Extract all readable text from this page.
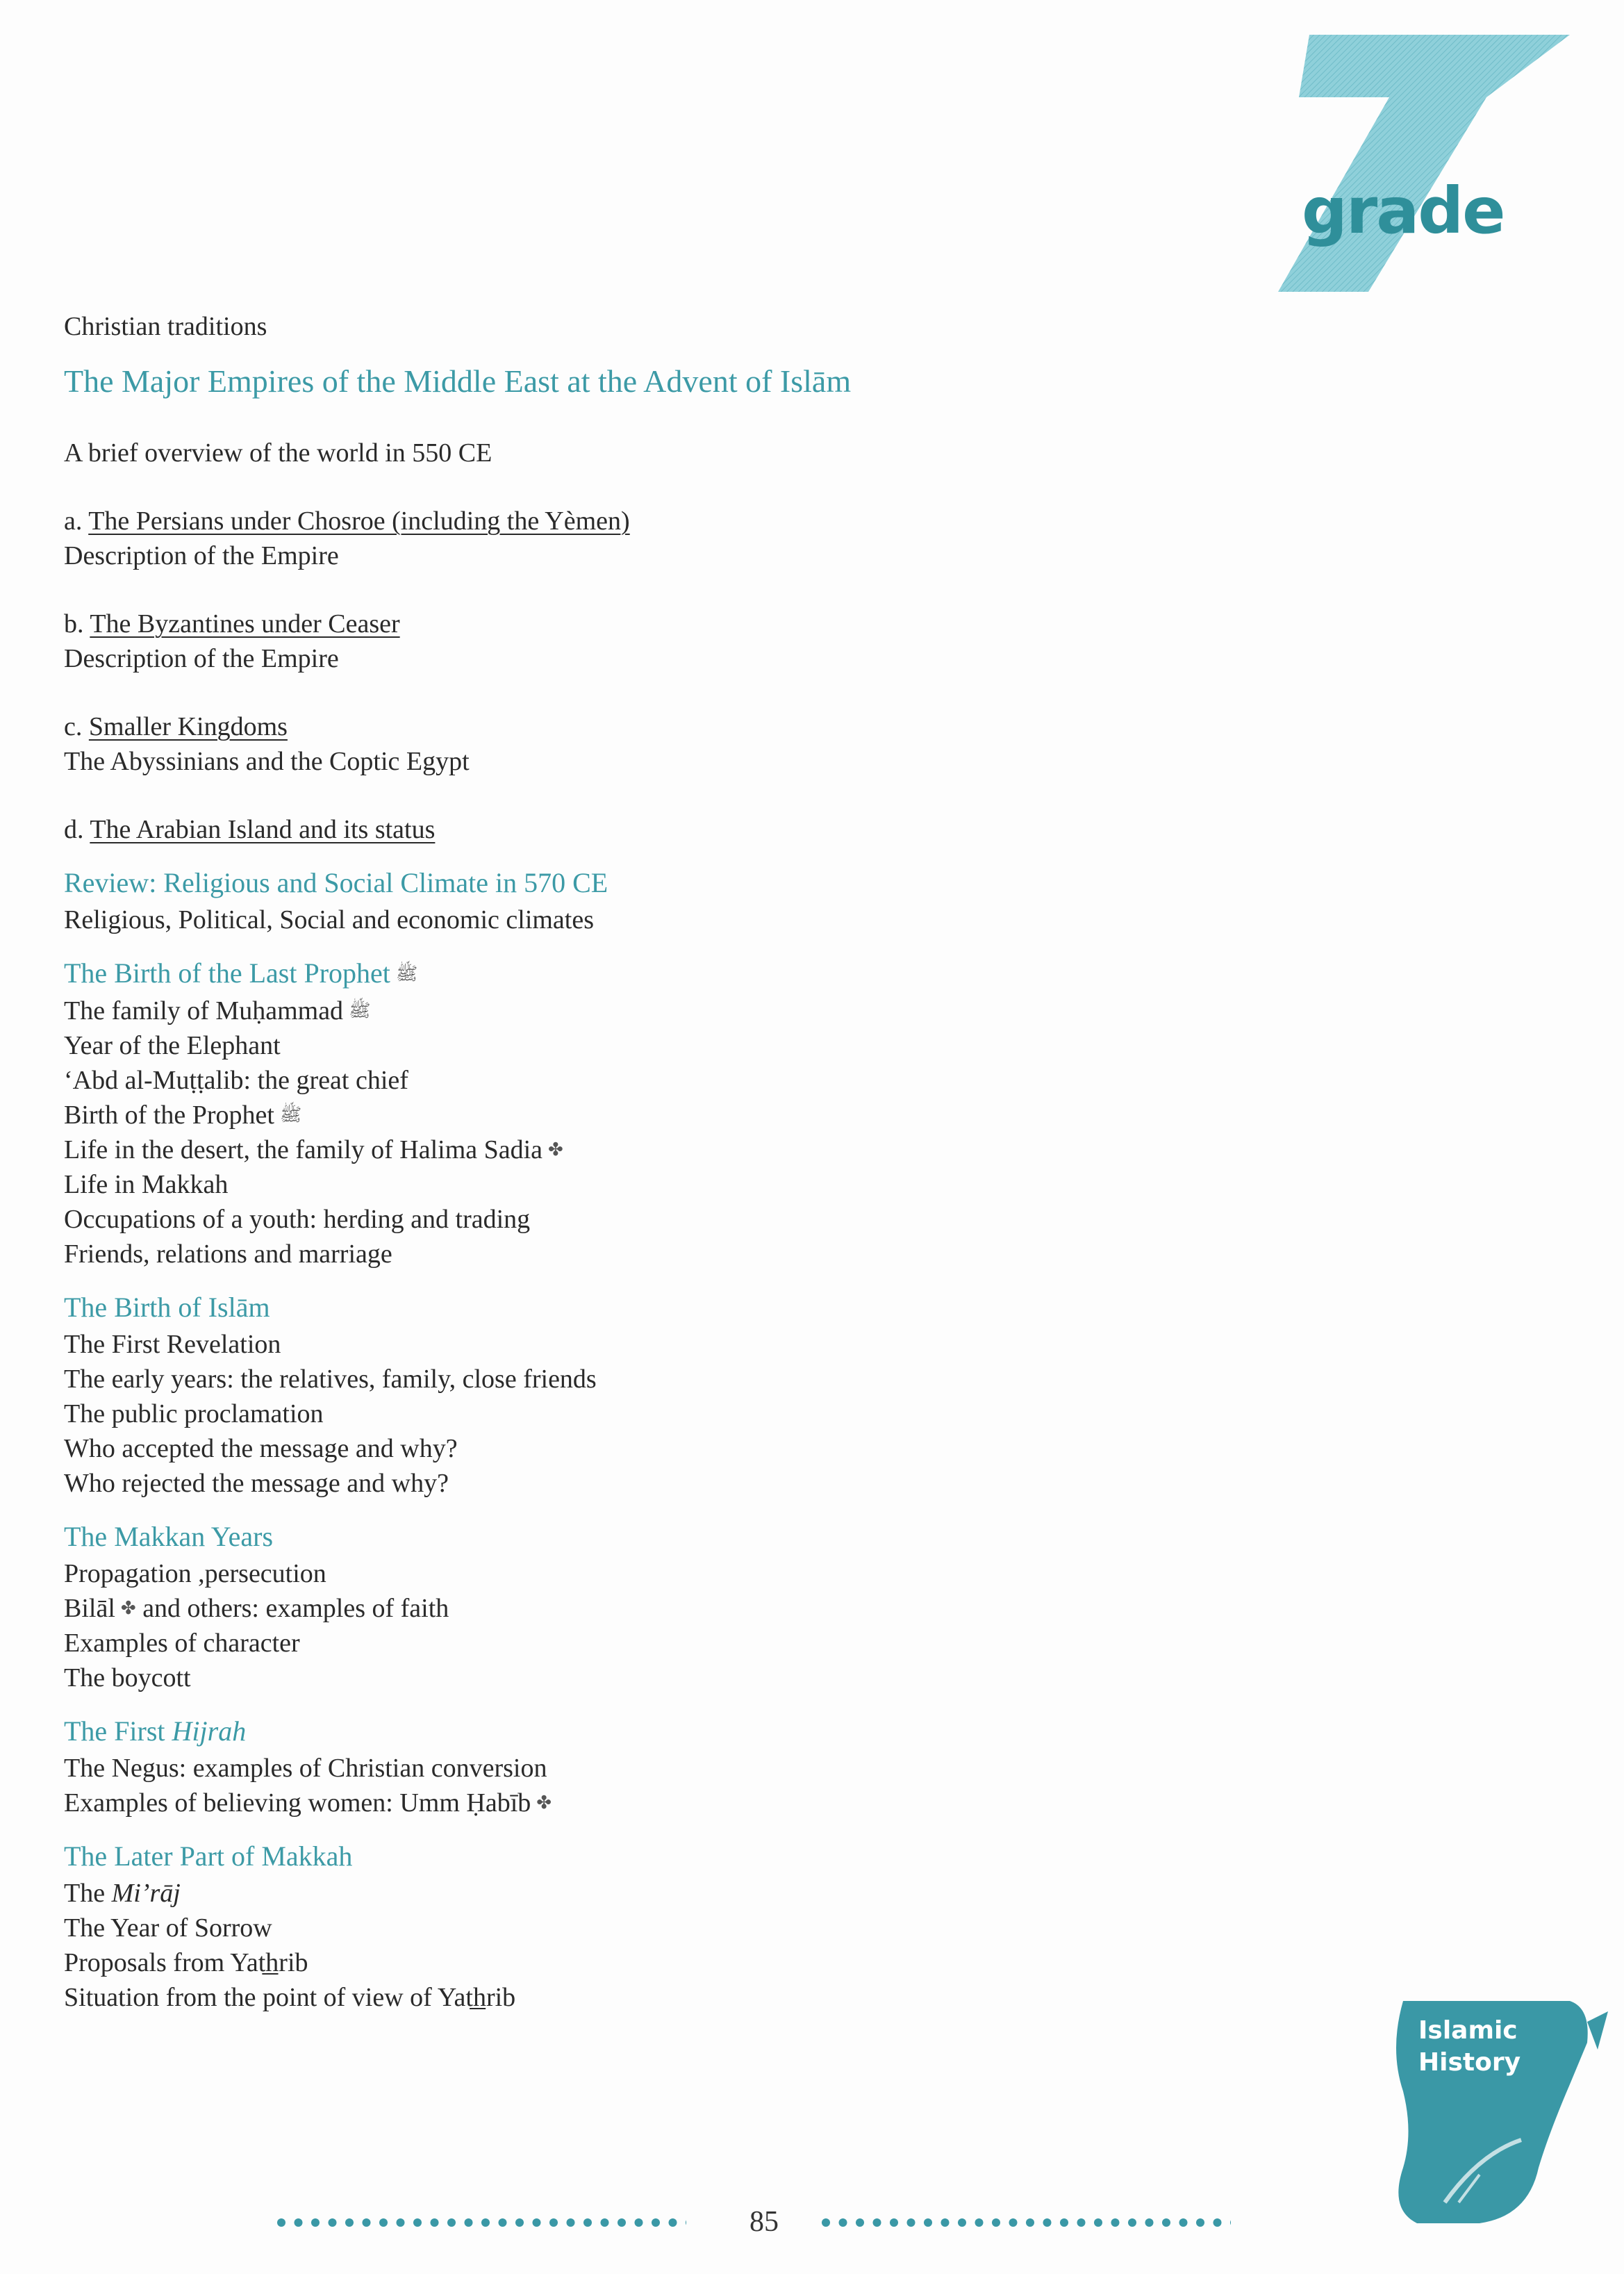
grade
Christian traditions
The Major Empires of the Middle East at the Advent of Islām
A brief overview of the world in 550 CE
a. The Persians under Chosroe (including the Yèmen)
Description of the Empire
b. The Byzantines under Ceaser
Description of the Empire
c. Smaller Kingdoms
The Abyssinians and the Coptic Egypt
d. The Arabian Island and its status
Review: Religious and Social Climate in 570 CE
Religious, Political, Social and economic climates
The Birth of the Last Prophet ﷺ
The family of Muḥammad ﷺ
Year of the Elephant
‘Abd al-Muṭṭalib: the great chief
Birth of the Prophet ﷺ
Life in the desert, the family of Halima Sadia ✤
Life in Makkah
Occupations of a youth: herding and trading
Friends, relations and marriage
The Birth of Islām
The First Revelation
The early years: the relatives, family, close friends
The public proclamation
Who accepted the message and why?
Who rejected the message and why?
The Makkan Years
Propagation ,persecution
Bilāl ✤ and others: examples of faith
Examples of character
The boycott
The First Hijrah
The Negus: examples of Christian conversion
Examples of believing women: Umm Ḥabīb ✤
The Later Part of Makkah
The Mi’rāj
The Year of Sorrow
Proposals from Yat͟hrib
Situation from the point of view of Yat͟hrib
Islamic
History
85
